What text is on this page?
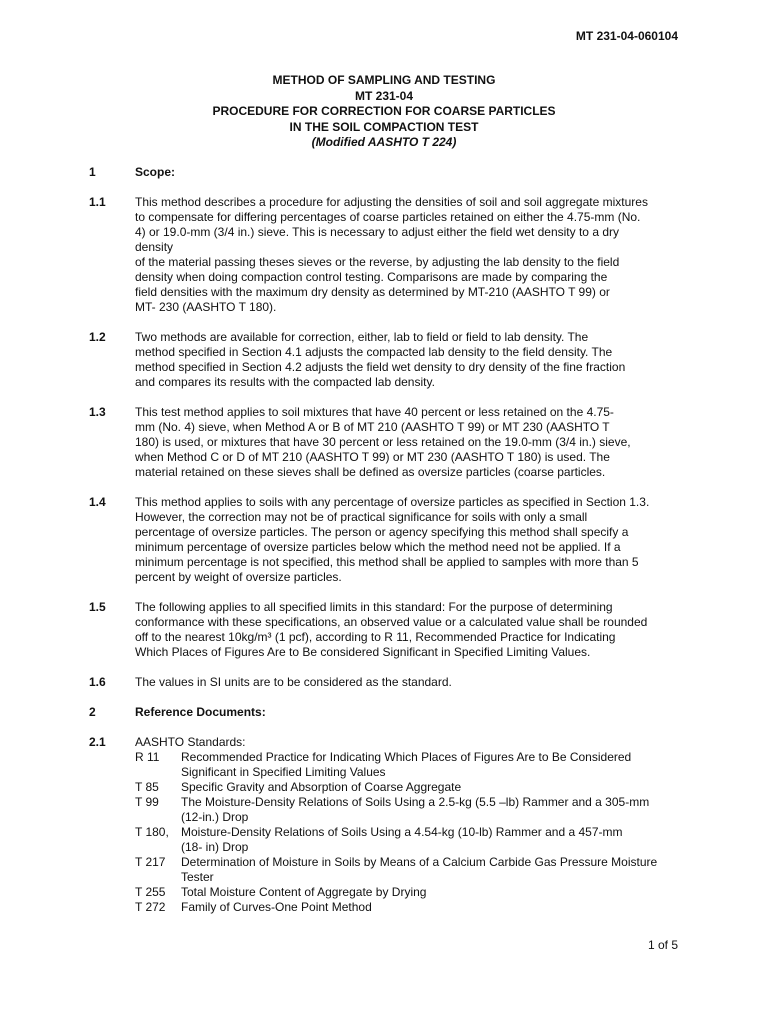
MT 231-04-060104
METHOD OF SAMPLING AND TESTING
MT 231-04
PROCEDURE FOR CORRECTION FOR COARSE PARTICLES
IN THE SOIL COMPACTION TEST
(Modified AASHTO T 224)
1	Scope:
1.1 This method describes a procedure for adjusting the densities of soil and soil aggregate mixtures
to compensate for differing percentages of coarse particles retained on either the 4.75-mm (No.
4) or 19.0-mm (3/4 in.) sieve. This is necessary to adjust either the field wet density to a dry
density
of the material passing theses sieves or the reverse, by adjusting the lab density to the field
density when doing compaction control testing. Comparisons are made by comparing the
field densities with the maximum dry density as determined by MT-210 (AASHTO T 99) or
MT- 230 (AASHTO T 180).
1.2 Two methods are available for correction, either, lab to field or field to lab density. The
method specified in Section 4.1 adjusts the compacted lab density to the field density. The
method specified in Section 4.2 adjusts the field wet density to dry density of the fine fraction
and compares its results with the compacted lab density.
1.3 This test method applies to soil mixtures that have 40 percent or less retained on the 4.75-
mm (No. 4) sieve, when Method A or B of MT 210 (AASHTO T 99) or MT 230 (AASHTO T
180) is used, or mixtures that have 30 percent or less retained on the 19.0-mm (3/4 in.) sieve,
when Method C or D of MT 210 (AASHTO T 99) or MT 230 (AASHTO T 180) is used. The
material retained on these sieves shall be defined as oversize particles (coarse particles.
1.4 This method applies to soils with any percentage of oversize particles as specified in Section 1.3.
However, the correction may not be of practical significance for soils with only a small
percentage of oversize particles. The person or agency specifying this method shall specify a
minimum percentage of oversize particles below which the method need not be applied. If a
minimum percentage is not specified, this method shall be applied to samples with more than 5
percent by weight of oversize particles.
1.5 The following applies to all specified limits in this standard: For the purpose of determining
conformance with these specifications, an observed value or a calculated value shall be rounded
off to the nearest 10kg/m³ (1 pcf), according to R 11, Recommended Practice for Indicating
Which Places of Figures Are to Be considered Significant in Specified Limiting Values.
1.6 The values in SI units are to be considered as the standard.
2	Reference Documents:
2.1 AASHTO Standards:

R 11	Recommended Practice for Indicating Which Places of Figures Are to Be Considered
Significant in Specified Limiting Values
T 85	Specific Gravity and Absorption of Coarse Aggregate
T 99	The Moisture-Density Relations of Soils Using a 2.5-kg (5.5 –lb) Rammer and a 305-mm
(12-in.) Drop
T 180,	Moisture-Density Relations of Soils Using a 4.54-kg (10-lb) Rammer and a 457-mm
(18- in) Drop
T 217	Determination of Moisture in Soils by Means of a Calcium Carbide Gas Pressure Moisture
Tester
T 255	Total Moisture Content of Aggregate by Drying
T 272	Family of Curves-One Point Method
1 of 5
